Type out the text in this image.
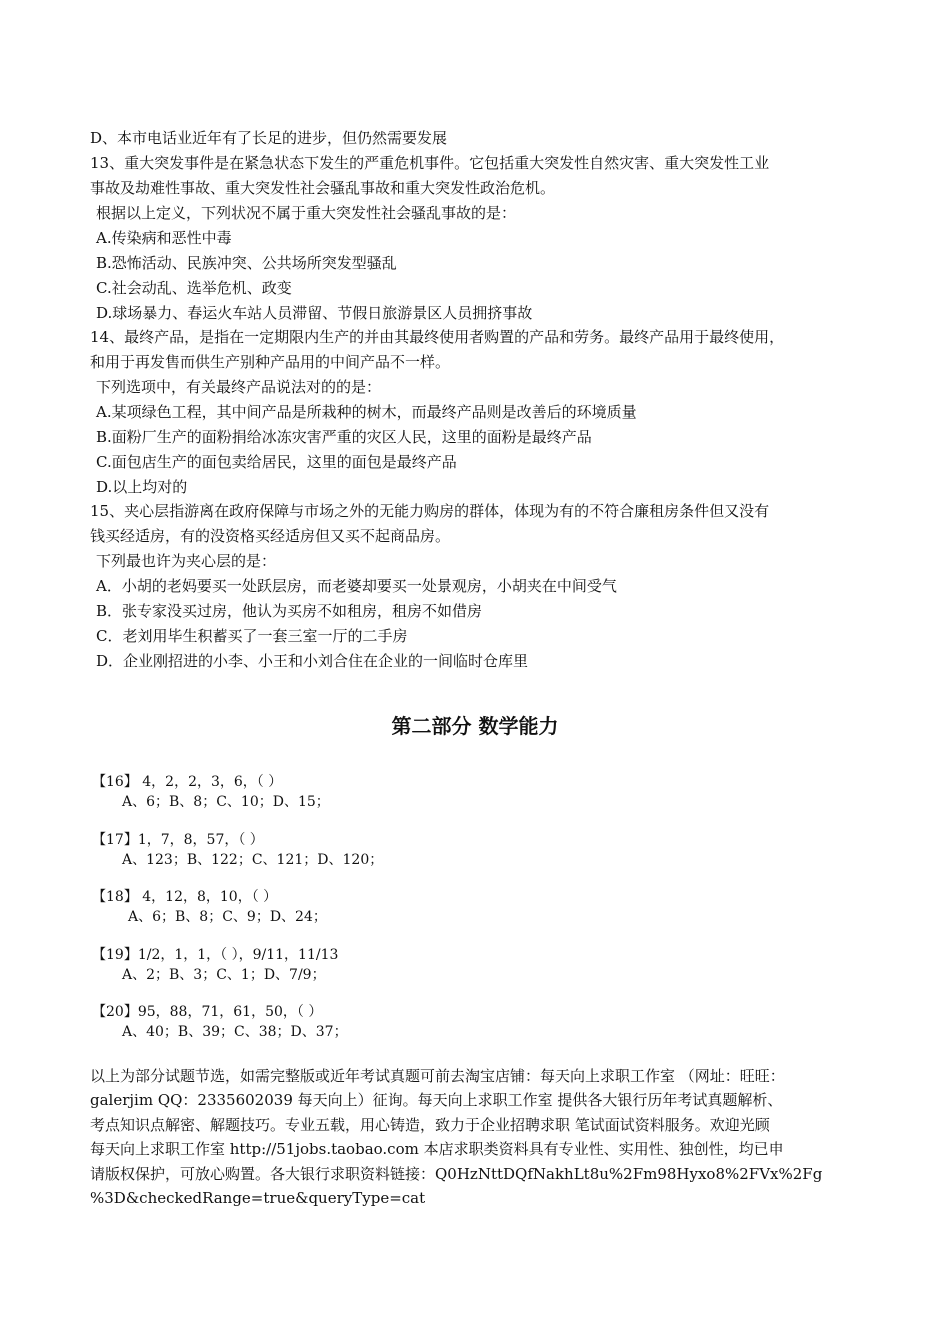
D、本市电话业近年有了长足的进步，但仍然需要发展
13、重大突发事件是在紧急状态下发生的严重危机事件。它包括重大突发性自然灾害、重大突发性工业
事故及劫难性事故、重大突发性社会骚乱事故和重大突发性政治危机。
根据以上定义，下列状况不属于重大突发性社会骚乱事故的是：
A.传染病和恶性中毒
B.恐怖活动、民族冲突、公共场所突发型骚乱
C.社会动乱、选举危机、政变
D.球场暴力、春运火车站人员滞留、节假日旅游景区人员拥挤事故
14、最终产品，是指在一定期限内生产的并由其最终使用者购置的产品和劳务。最终产品用于最终使用，
和用于再发售而供生产别种产品用的中间产品不一样。
下列选项中，有关最终产品说法对的的是：
A.某项绿色工程，其中间产品是所栽种的树木，而最终产品则是改善后的环境质量
B.面粉厂生产的面粉捐给冰冻灾害严重的灾区人民，这里的面粉是最终产品
C.面包店生产的面包卖给居民，这里的面包是最终产品
D.以上均对的
15、夹心层指游离在政府保障与市场之外的无能力购房的群体，体现为有的不符合廉租房条件但又没有
钱买经适房，有的没资格买经适房但又买不起商品房。
下列最也许为夹心层的是：
A．小胡的老妈要买一处跃层房，而老婆却要买一处景观房，小胡夹在中间受气
B．张专家没买过房，他认为买房不如租房，租房不如借房
C．老刘用毕生积蓄买了一套三室一厅的二手房
D．企业刚招进的小李、小王和小刘合住在企业的一间临时仓库里
第二部分 数学能力
【16】 4，2，2，3，6，（ ）
A、6；B、8；C、10；D、15；
【17】1，7，8，57，（ ）
A、123；B、122；C、121；D、120；
【18】 4，12，8，10，（ ）
A、6；B、8；C、9；D、24；
【19】1/2，1，1，（ ），9/11，11/13
A、2；B、3；C、1；D、7/9；
【20】95，88，71，61，50，（ ）
A、40；B、39；C、38；D、37；
以上为部分试题节选，如需完整版或近年考试真题可前去淘宝店铺：每天向上求职工作室 （网址：旺旺：
galerjim QQ：2335602039 每天向上）征询。每天向上求职工作室 提供各大银行历年考试真题解析、
考点知识点解密、解题技巧。专业五载，用心铸造，致力于企业招聘求职 笔试面试资料服务。欢迎光顾
每天向上求职工作室 http://51jobs.taobao.com 本店求职类资料具有专业性、实用性、独创性，均已申
请版权保护，可放心购置。各大银行求职资料链接：Q0HzNttDQfNakhLt8u%2Fm98Hyxo8%2FVx%2Fg
%3D&checkedRange=true&queryType=cat
